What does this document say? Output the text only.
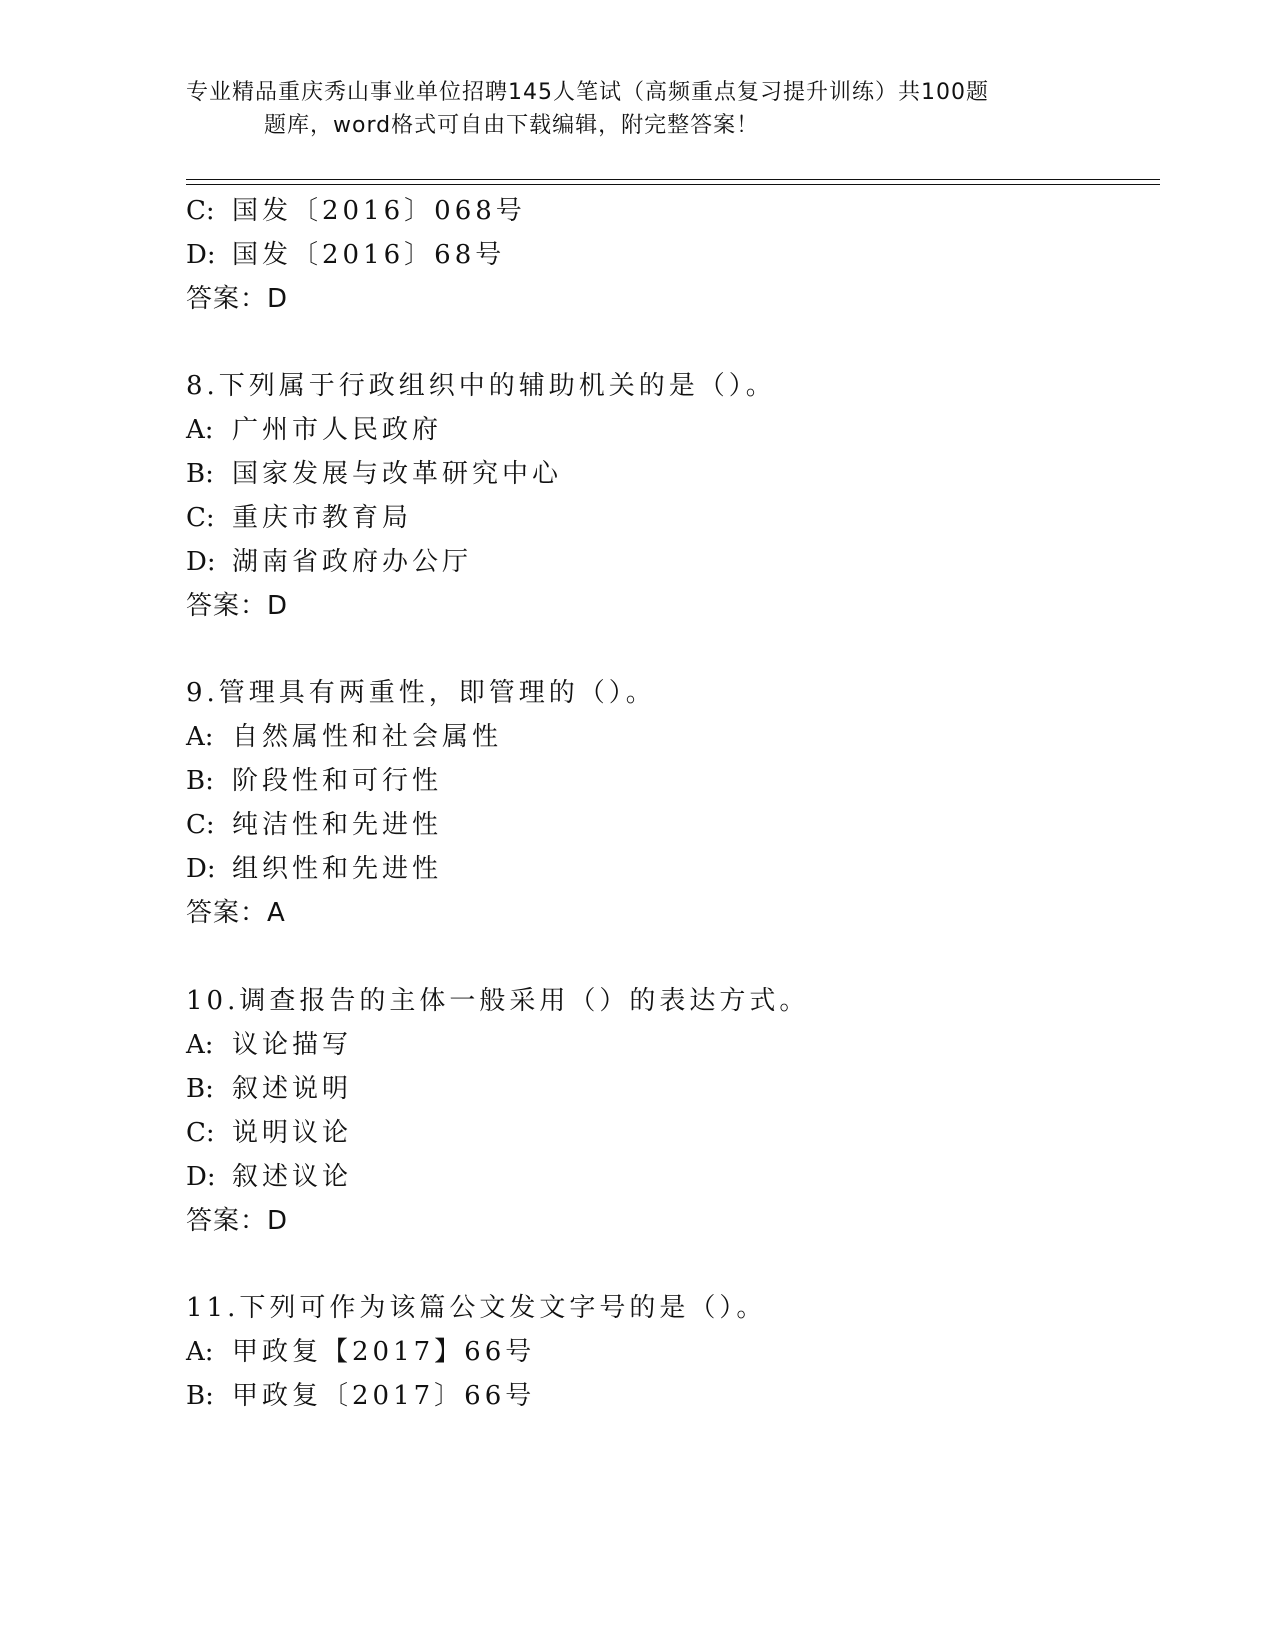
专业精品重庆秀山事业单位招聘145人笔试（高频重点复习提升训练）共100题
题库，word格式可自由下载编辑，附完整答案！
C: 国发〔2016〕068号
D: 国发〔2016〕68号
答案：D
8.下列属于行政组织中的辅助机关的是（）。
A: 广州市人民政府
B: 国家发展与改革研究中心
C: 重庆市教育局
D: 湖南省政府办公厅
答案：D
9.管理具有两重性，即管理的（）。
A: 自然属性和社会属性
B: 阶段性和可行性
C: 纯洁性和先进性
D: 组织性和先进性
答案：A
10.调查报告的主体一般采用（）的表达方式。
A: 议论描写
B: 叙述说明
C: 说明议论
D: 叙述议论
答案：D
11.下列可作为该篇公文发文字号的是（）。
A: 甲政复【2017】66号
B: 甲政复〔2017〕66号
